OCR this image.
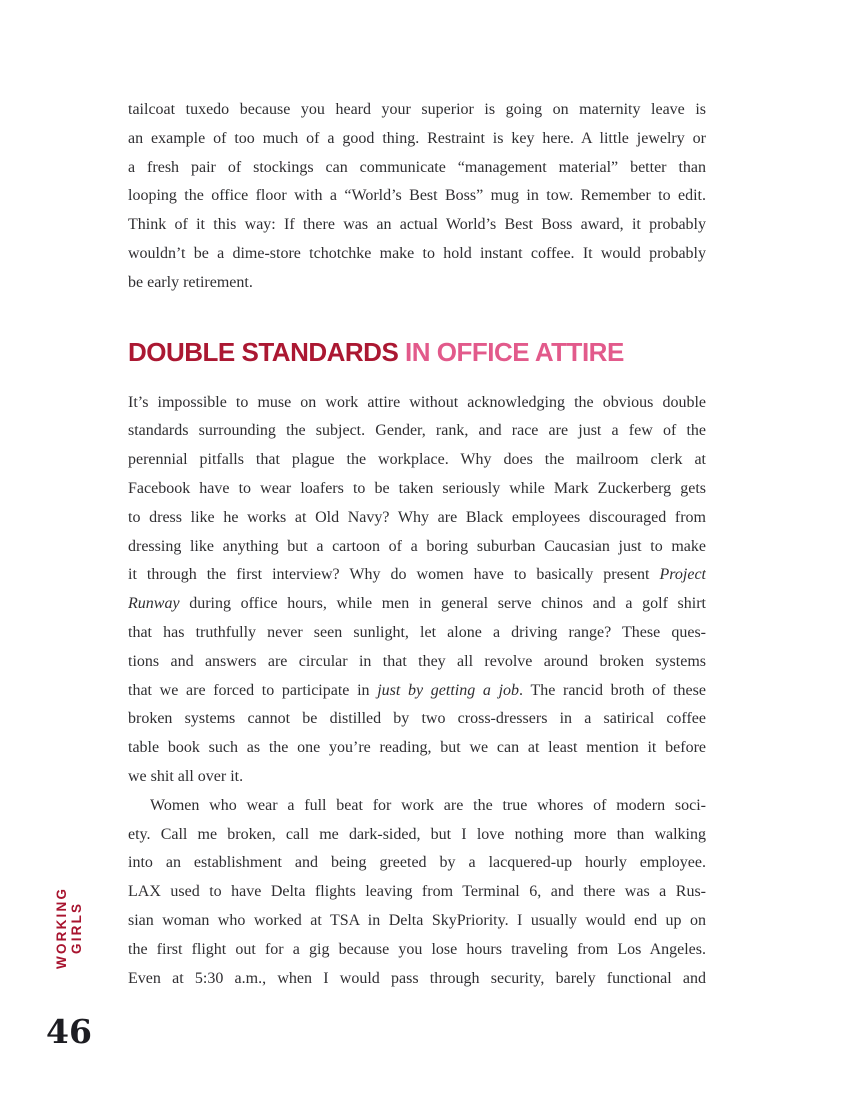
tailcoat tuxedo because you heard your superior is going on maternity leave is
an example of too much of a good thing. Restraint is key here. A little jewelry or
a fresh pair of stockings can communicate “management material” better than
looping the office floor with a “World’s Best Boss” mug in tow. Remember to edit.
Think of it this way: If there was an actual World’s Best Boss award, it probably
wouldn’t be a dime-store tchotchke make to hold instant coffee. It would probably
be early retirement.
DOUBLE STANDARDS IN OFFICE ATTIRE
It’s impossible to muse on work attire without acknowledging the obvious double
standards surrounding the subject. Gender, rank, and race are just a few of the
perennial pitfalls that plague the workplace. Why does the mailroom clerk at
Facebook have to wear loafers to be taken seriously while Mark Zuckerberg gets
to dress like he works at Old Navy? Why are Black employees discouraged from
dressing like anything but a cartoon of a boring suburban Caucasian just to make
it through the first interview? Why do women have to basically present Project
Runway during office hours, while men in general serve chinos and a golf shirt
that has truthfully never seen sunlight, let alone a driving range? These ques-
tions and answers are circular in that they all revolve around broken systems
that we are forced to participate in just by getting a job. The rancid broth of these
broken systems cannot be distilled by two cross-dressers in a satirical coffee
table book such as the one you’re reading, but we can at least mention it before
we shit all over it.
Women who wear a full beat for work are the true whores of modern soci-
ety. Call me broken, call me dark-sided, but I love nothing more than walking
into an establishment and being greeted by a lacquered-up hourly employee.
LAX used to have Delta flights leaving from Terminal 6, and there was a Rus-
sian woman who worked at TSA in Delta SkyPriority. I usually would end up on
the first flight out for a gig because you lose hours traveling from Los Angeles.
Even at 5:30 a.m., when I would pass through security, barely functional and
WORKING GIRLS
46
